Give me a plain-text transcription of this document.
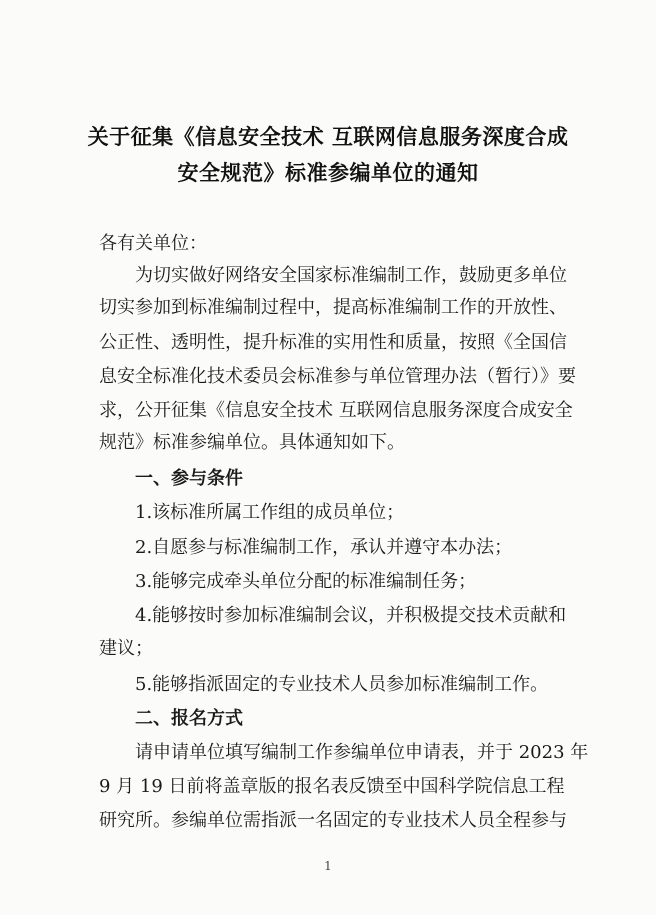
关于征集《信息安全技术 互联网信息服务深度合成
安全规范》标准参编单位的通知
各有关单位：
为切实做好网络安全国家标准编制工作，鼓励更多单位
切实参加到标准编制过程中，提高标准编制工作的开放性、
公正性、透明性，提升标准的实用性和质量，按照《全国信
息安全标准化技术委员会标准参与单位管理办法（暂行）》要
求，公开征集《信息安全技术 互联网信息服务深度合成安全
规范》标准参编单位。具体通知如下。
一、参与条件
1.该标准所属工作组的成员单位；
2.自愿参与标准编制工作，承认并遵守本办法；
3.能够完成牵头单位分配的标准编制任务；
4.能够按时参加标准编制会议，并积极提交技术贡献和
建议；
5.能够指派固定的专业技术人员参加标准编制工作。
二、报名方式
请申请单位填写编制工作参编单位申请表，并于 2023 年
9 月 19 日前将盖章版的报名表反馈至中国科学院信息工程
研究所。参编单位需指派一名固定的专业技术人员全程参与
1
